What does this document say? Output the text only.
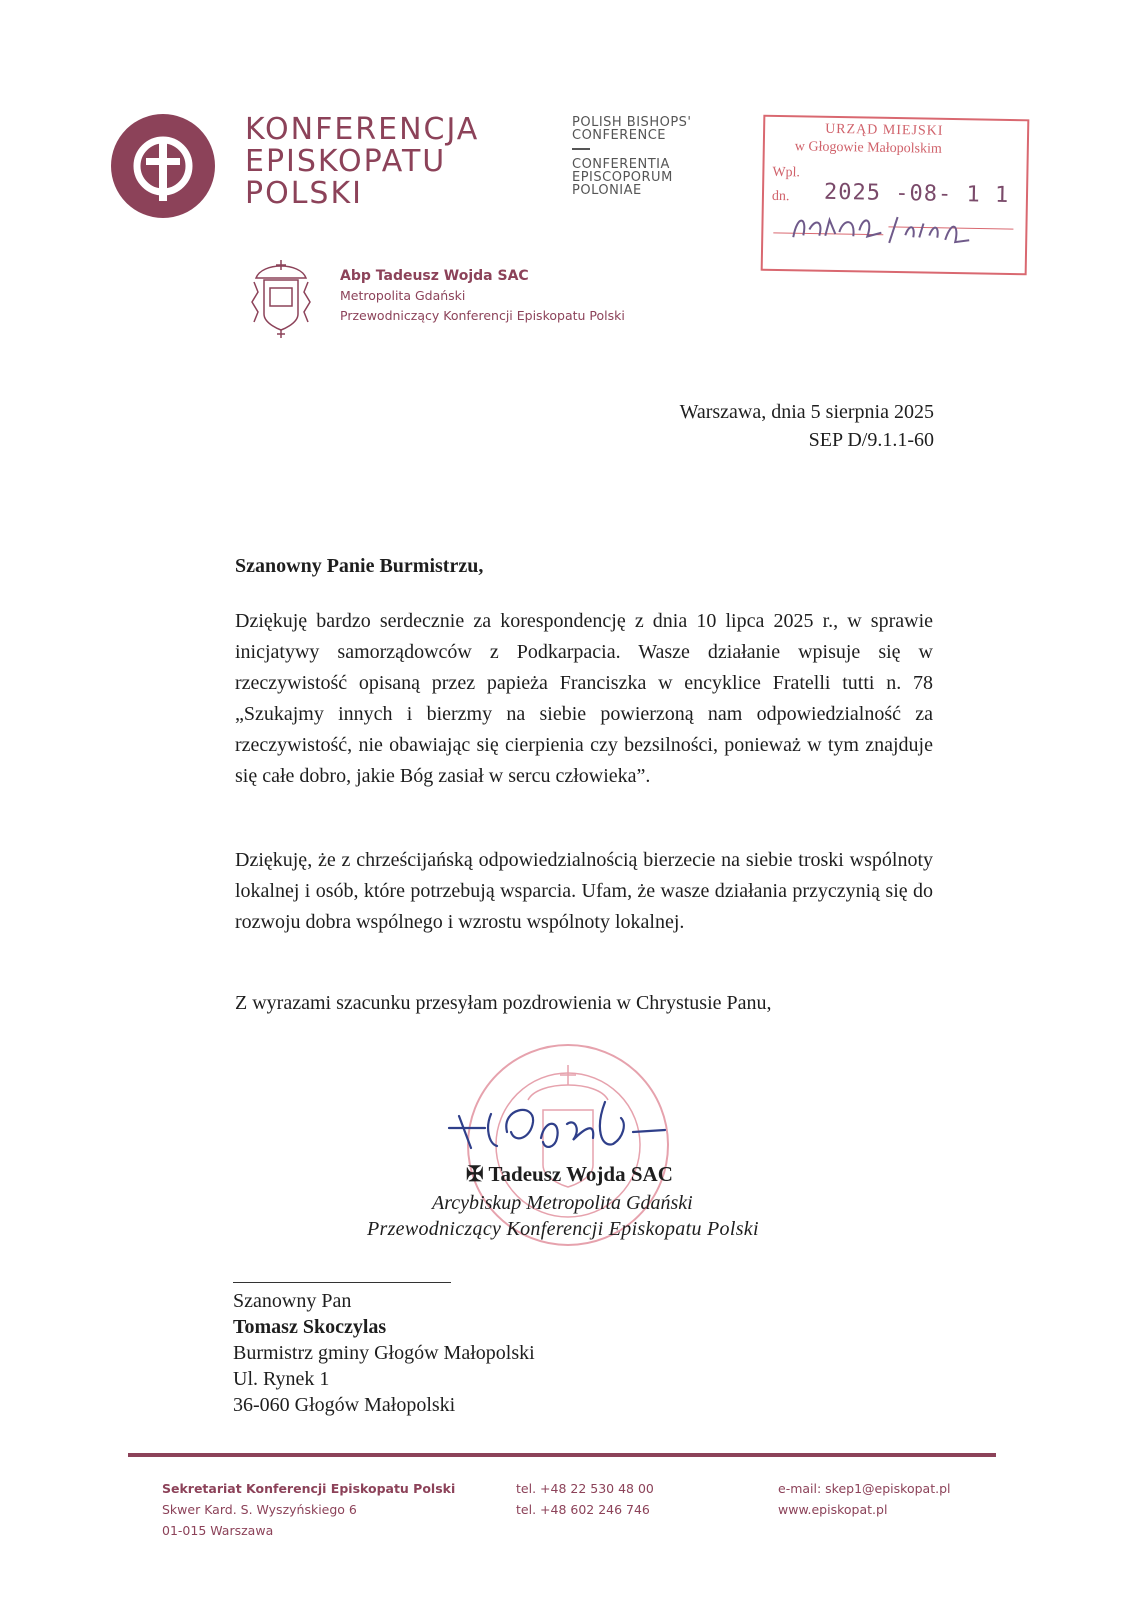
KONFERENCJA
EPISKOPATU
POLSKI
POLISH BISHOPS'
CONFERENCE
CONFERENTIA
EPISCOPORUM
POLONIAE
URZĄD MIEJSKI
w Głogowie Małopolskim
Wpl.
dn. 2025 -08- 1 1
Abp Tadeusz Wojda SAC
Metropolita Gdański
Przewodniczący Konferencji Episkopatu Polski
Warszawa, dnia 5 sierpnia 2025
SEP D/9.1.1-60
Szanowny Panie Burmistrzu,
Dziękuję bardzo serdecznie za korespondencję z dnia 10 lipca 2025 r., w sprawie inicjatywy samorządowców z Podkarpacia. Wasze działanie wpisuje się w rzeczywistość opisaną przez papieża Franciszka w encyklice Fratelli tutti n. 78 „Szukajmy innych i bierzmy na siebie powierzoną nam odpowiedzialność za rzeczywistość, nie obawiając się cierpienia czy bezsilności, ponieważ w tym znajduje się całe dobro, jakie Bóg zasiał w sercu człowieka”.
Dziękuję, że z chrześcijańską odpowiedzialnością bierzecie na siebie troski wspólnoty lokalnej i osób, które potrzebują wsparcia. Ufam, że wasze działania przyczynią się do rozwoju dobra wspólnego i wzrostu wspólnoty lokalnej.
Z wyrazami szacunku przesyłam pozdrowienia w Chrystusie Panu,
✠ Tadeusz Wojda SAC
Arcybiskup Metropolita Gdański
Przewodniczący Konferencji Episkopatu Polski
Szanowny Pan
Tomasz Skoczylas
Burmistrz gminy Głogów Małopolski
Ul. Rynek 1
36-060 Głogów Małopolski
Sekretariat Konferencji Episkopatu Polski
Skwer Kard. S. Wyszyńskiego 6
01-015 Warszawa
tel. +48 22 530 48 00
tel. +48 602 246 746
e-mail: skep1@episkopat.pl
www.episkopat.pl
